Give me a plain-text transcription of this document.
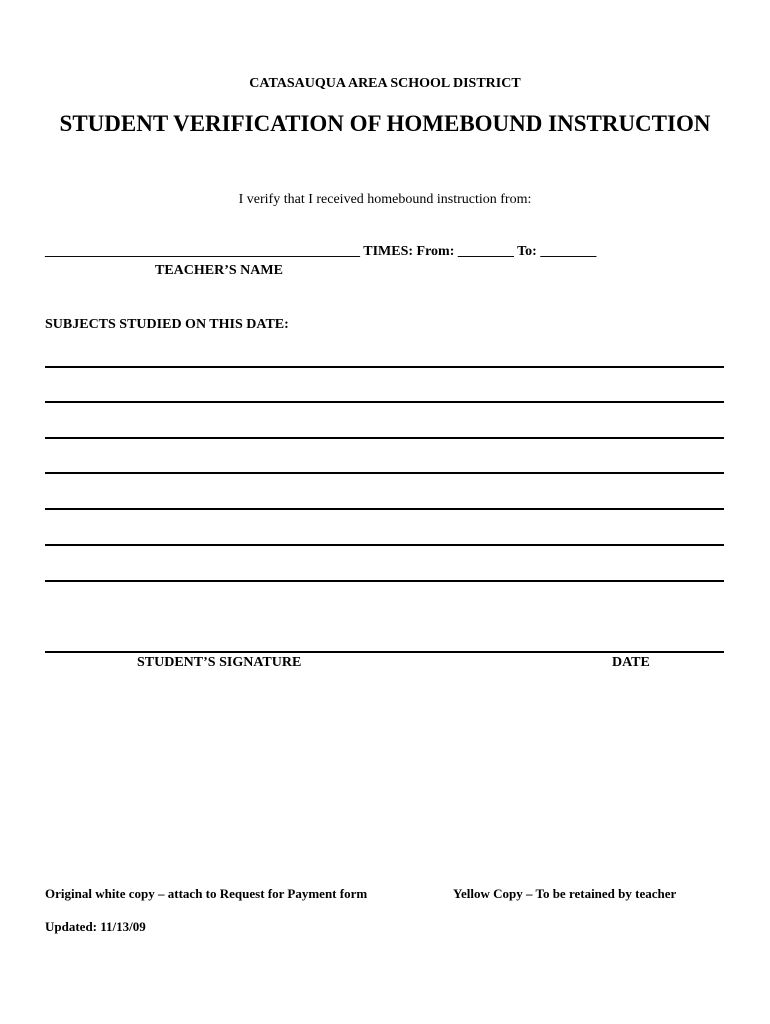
CATASAUQUA AREA SCHOOL DISTRICT
STUDENT VERIFICATION OF HOMEBOUND INSTRUCTION
I verify that I received homebound instruction from:
_____________________________________________ TIMES: From: ________ To: ________
TEACHER’S NAME
SUBJECTS STUDIED ON THIS DATE:
STUDENT’S SIGNATURE	DATE
Original white copy – attach to Request for Payment form	Yellow Copy – To be retained by teacher
Updated: 11/13/09
